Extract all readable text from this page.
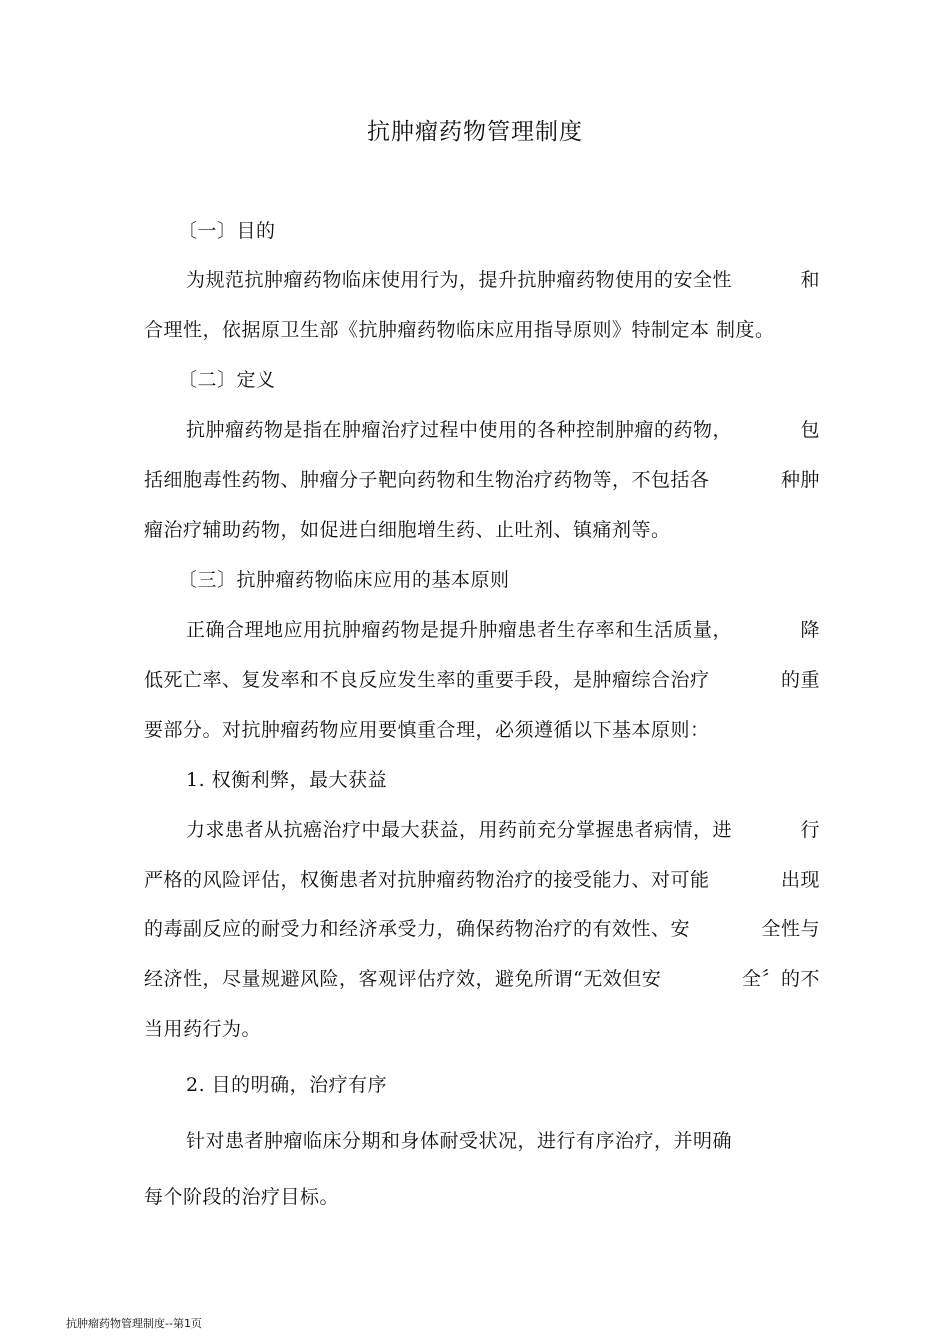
抗肿瘤药物管理制度
〔一〕目的
为规范抗肿瘤药物临床使用行为，提升抗肿瘤药物使用的安全性	和
合理性，依据原卫生部《抗肿瘤药物临床应用指导原则》特制定本 制度。
〔二〕定义
抗肿瘤药物是指在肿瘤治疗过程中使用的各种控制肿瘤的药物，	包
括细胞毒性药物、肿瘤分子靶向药物和生物治疗药物等，不包括各	种肿
瘤治疗辅助药物，如促进白细胞增生药、止吐剂、镇痛剂等。
〔三〕抗肿瘤药物临床应用的基本原则
正确合理地应用抗肿瘤药物是提升肿瘤患者生存率和生活质量，	降
低死亡率、复发率和不良反应发生率的重要手段，是肿瘤综合治疗	的重
要部分。对抗肿瘤药物应用要慎重合理，必须遵循以下基本原则：
1. 权衡利弊，最大获益
力求患者从抗癌治疗中最大获益，用药前充分掌握患者病情，进	行
严格的风险评估，权衡患者对抗肿瘤药物治疗的接受能力、对可能	出现
的毒副反应的耐受力和经济承受力，确保药物治疗的有效性、安	全性与
经济性，尽量规避风险，客观评估疗效，避免所谓“无效但安	全〞的不
当用药行为。
2. 目的明确，治疗有序
针对患者肿瘤临床分期和身体耐受状况，进行有序治疗，并明确
每个阶段的治疗目标。
抗肿瘤药物管理制度--第1页
